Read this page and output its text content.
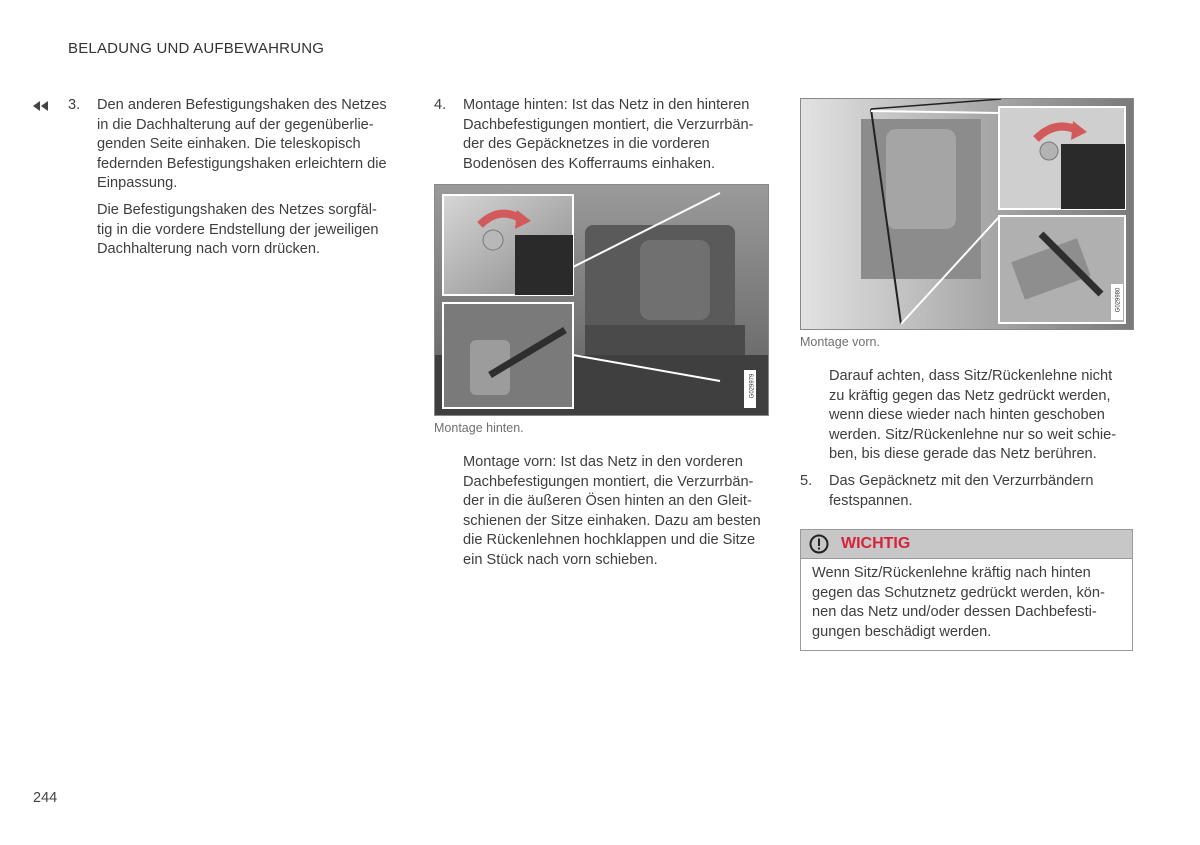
BELADUNG UND AUFBEWAHRUNG
3. Den anderen Befestigungshaken des Netzes

in die Dachhalterung auf der gegenüberlie-

genden Seite einhaken. Die teleskopisch

federnden Befestigungshaken erleichtern die

Einpassung.

Die Befestigungshaken des Netzes sorgfäl-

tig in die vordere Endstellung der jeweiligen

Dachhalterung nach vorn drücken.

4. Montage hinten: Ist das Netz in den hinteren

Dachbefestigungen montiert, die Verzurrbän-

der des Gepäcknetzes in die vorderen

Bodenösen des Kofferraums einhaken.

G029979
Montage hinten.

Montage vorn: Ist das Netz in den vorderen

Dachbefestigungen montiert, die Verzurrbän-

der in die äußeren Ösen hinten an den Gleit-

schienen der Sitze einhaken. Dazu am besten

die Rückenlehnen hochklappen und die Sitze

ein Stück nach vorn schieben.

G029980
Montage vorn.

Darauf achten, dass Sitz/Rückenlehne nicht

zu kräftig gegen das Netz gedrückt werden,

wenn diese wieder nach hinten geschoben

werden. Sitz/Rückenlehne nur so weit schie-

ben, bis diese gerade das Netz berühren.

5. Das Gepäcknetz mit den Verzurrbändern

festspannen.

WICHTIG
Wenn Sitz/Rückenlehne kräftig nach hinten
gegen das Schutznetz gedrückt werden, kön-
nen das Netz und/oder dessen Dachbefesti-
gungen beschädigt werden.
244
